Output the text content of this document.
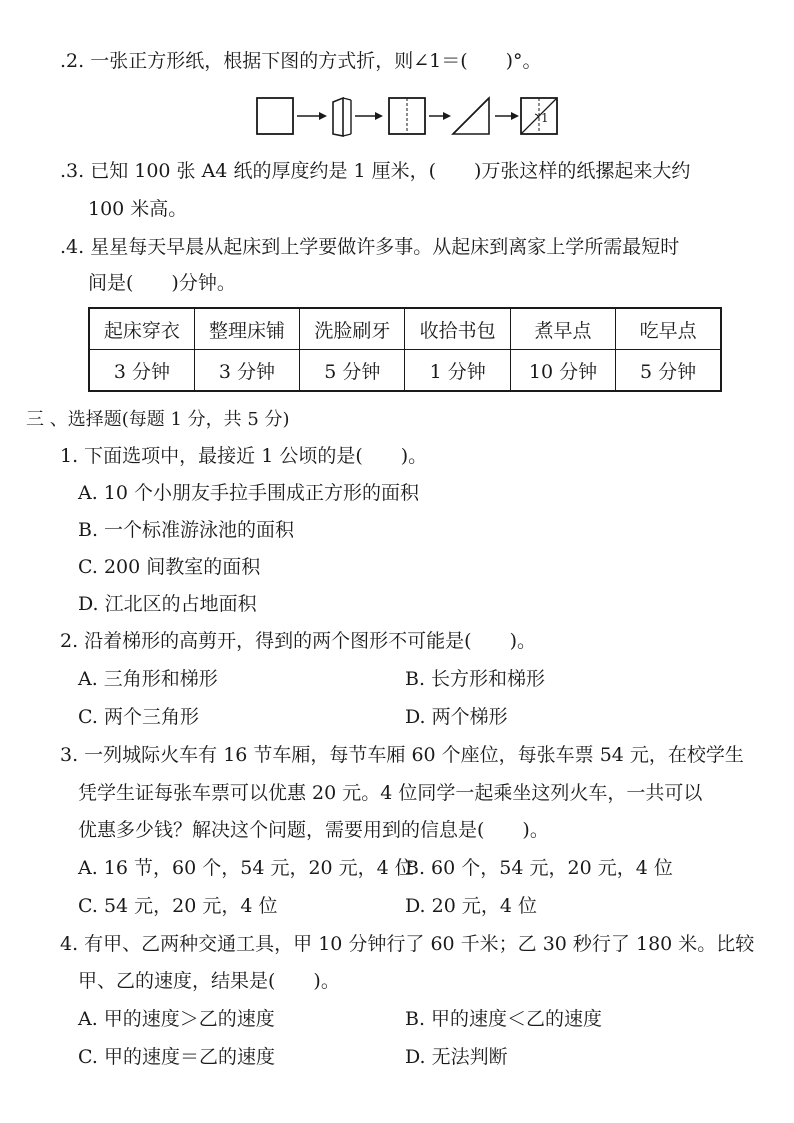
.2. 一张正方形纸，根据下图的方式折，则∠1＝(　　)°。
1
.3. 已知 100 张 A4 纸的厚度约是 1 厘米，(　　)万张这样的纸摞起来大约
100 米高。
.4. 星星每天早晨从起床到上学要做许多事。从起床到离家上学所需最短时
间是(　　)分钟。
起床穿衣	整理床铺	洗脸刷牙	收拾书包	煮早点	吃早点
3 分钟	3 分钟	5 分钟	1 分钟	10 分钟	5 分钟
三 、选择题(每题 1 分，共 5 分)
1. 下面选项中，最接近 1 公顷的是(　　)。
A. 10 个小朋友手拉手围成正方形的面积
B. 一个标准游泳池的面积
C. 200 间教室的面积
D. 江北区的占地面积
2. 沿着梯形的高剪开，得到的两个图形不可能是(　　)。
A. 三角形和梯形	B. 长方形和梯形
C. 两个三角形	D. 两个梯形
3. 一列城际火车有 16 节车厢，每节车厢 60 个座位，每张车票 54 元，在校学生
凭学生证每张车票可以优惠 20 元。4 位同学一起乘坐这列火车，一共可以
优惠多少钱？解决这个问题，需要用到的信息是(　　)。
A. 16 节，60 个，54 元，20 元，4 位
B. 60 个，54 元，20 元，4 位
C. 54 元，20 元，4 位	D. 20 元，4 位
4. 有甲、乙两种交通工具，甲 10 分钟行了 60 千米；乙 30 秒行了 180 米。比较
甲、乙的速度，结果是(　　)。
A. 甲的速度＞乙的速度	B. 甲的速度＜乙的速度
C. 甲的速度＝乙的速度	D. 无法判断
